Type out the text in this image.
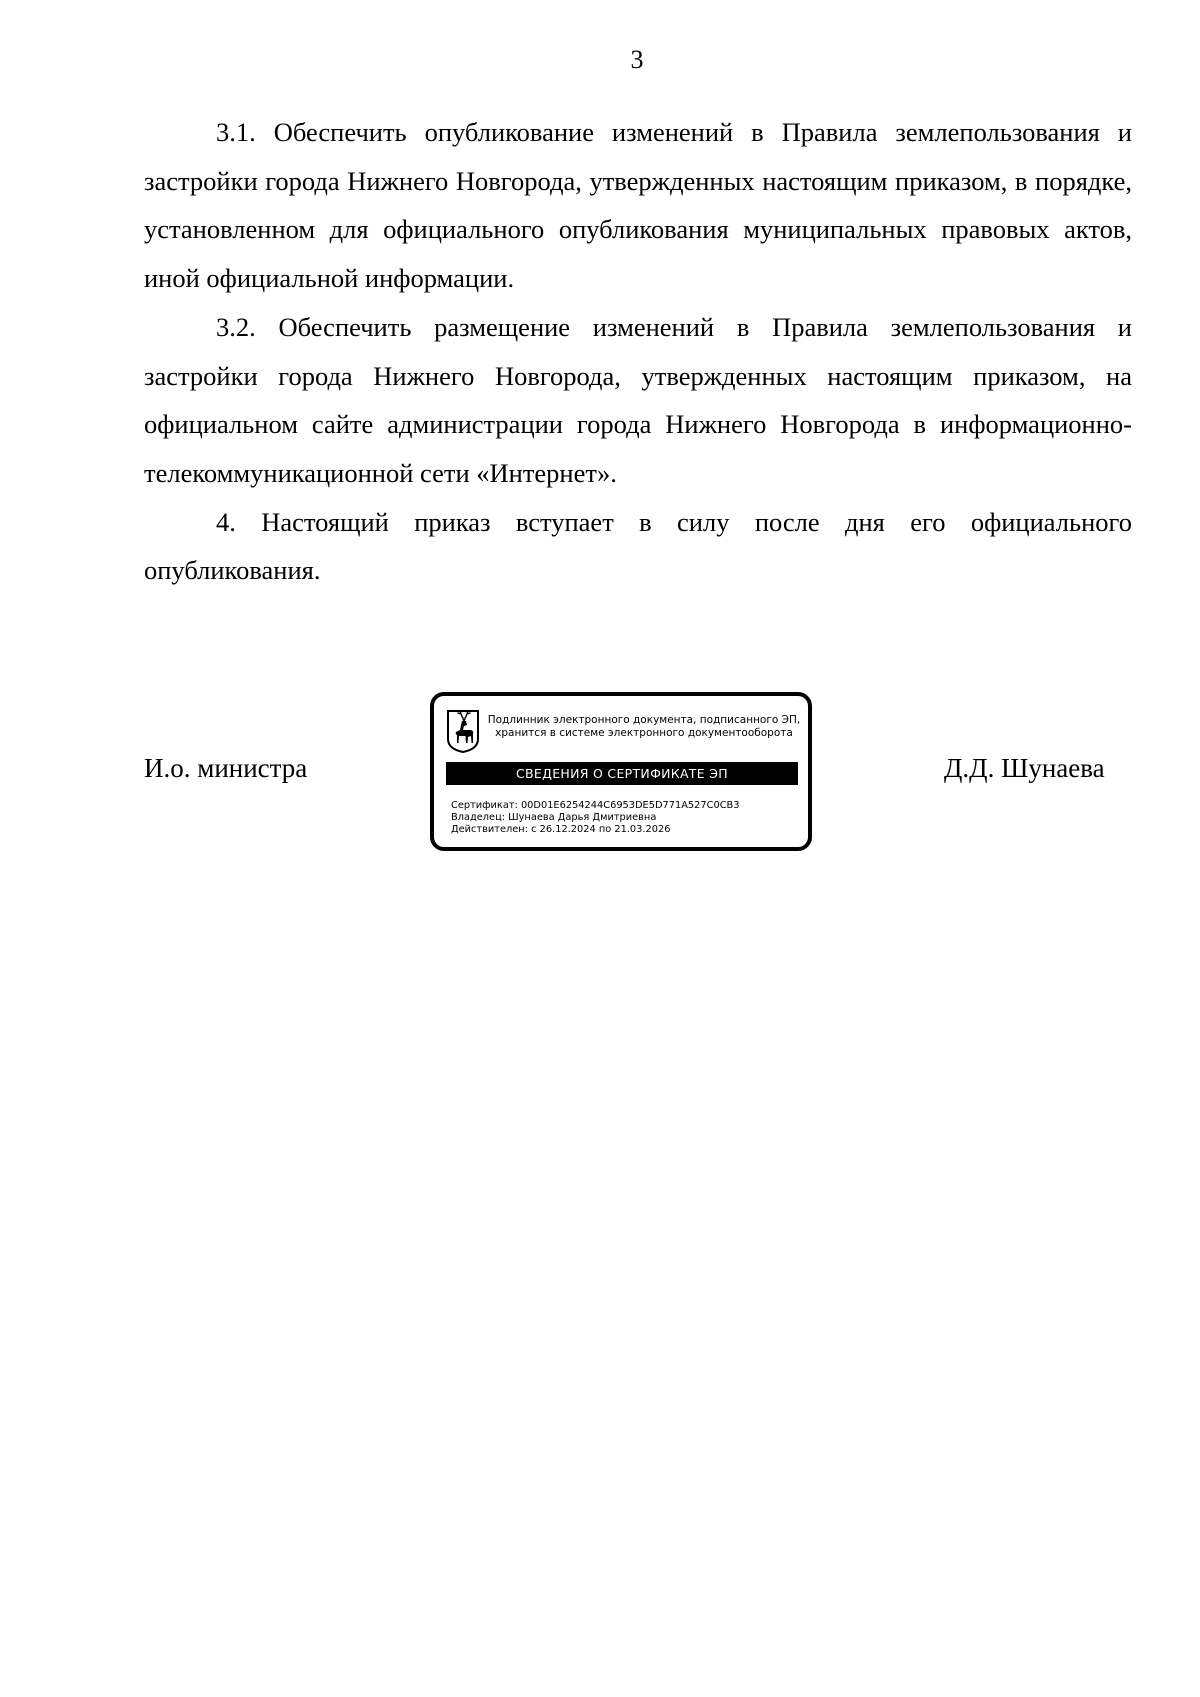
3

3.1. Обеспечить опубликование изменений в Правила землепользования и застройки города Нижнего Новгорода, утвержденных настоящим приказом, в порядке, установленном для официального опубликования муниципальных правовых актов, иной официальной информации.

3.2. Обеспечить размещение изменений в Правила землепользования и застройки города Нижнего Новгорода, утвержденных настоящим приказом, на официальном сайте администрации города Нижнего Новгорода в информационно-телекоммуникационной сети «Интернет».

4. Настоящий приказ вступает в силу после дня его официального опубликования.

И.о. министра
Подлинник электронного документа, подписанного ЭП,
хранится в системе электронного документооборота
СВЕДЕНИЯ О СЕРТИФИКАТЕ ЭП
Сертификат: 00D01E6254244C6953DE5D771A527C0CB3
Владелец: Шунаева Дарья Дмитриевна
Действителен: с 26.12.2024 по 21.03.2026
Д.Д. Шунаева
